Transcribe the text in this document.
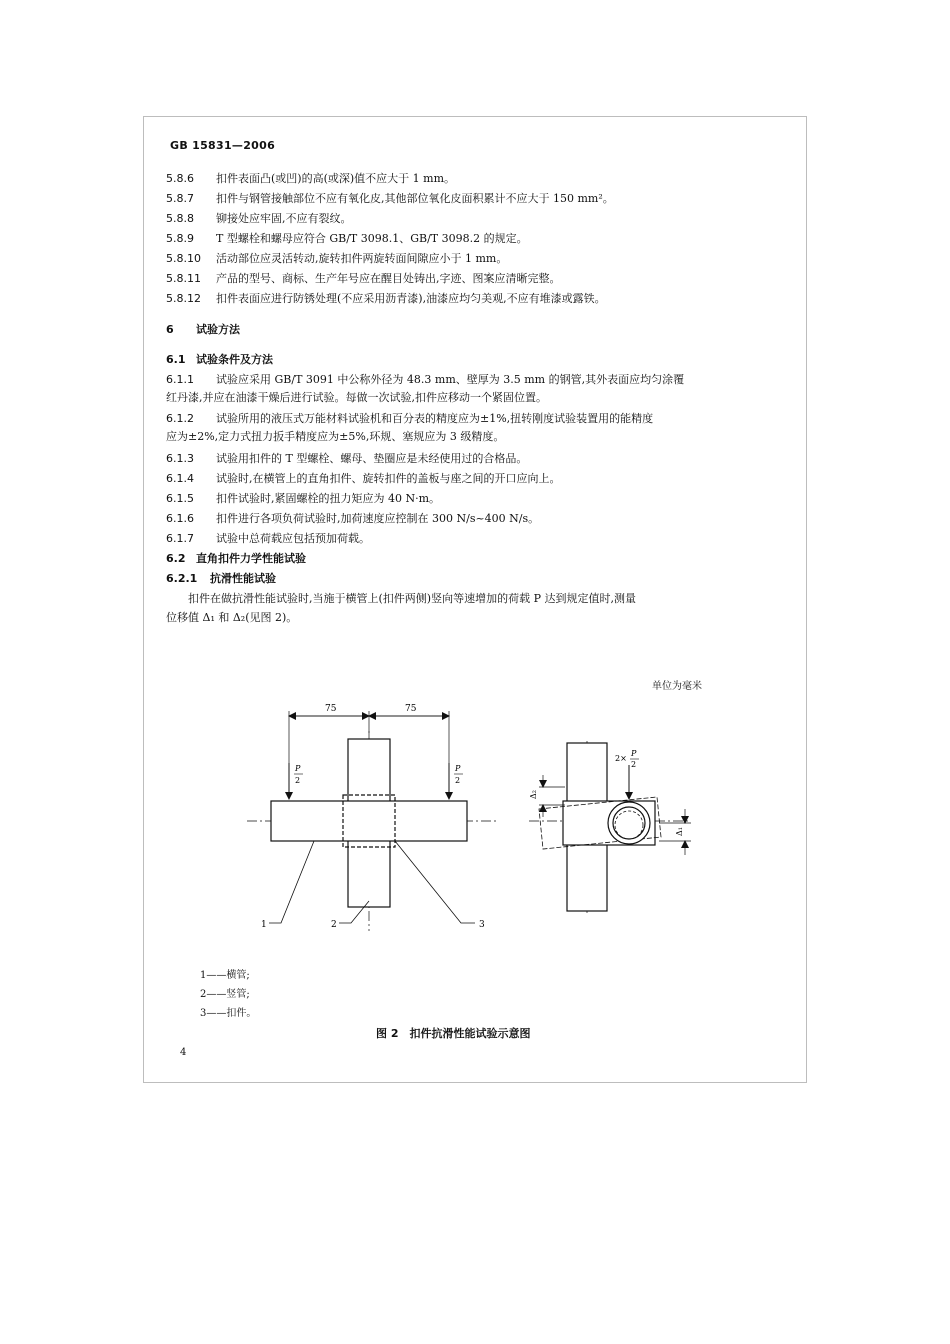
GB 15831—2006
5.8.6 扣件表面凸(或凹)的高(或深)值不应大于 1 mm。
5.8.7 扣件与钢管接触部位不应有氧化皮,其他部位氧化皮面积累计不应大于 150 mm²。
5.8.8 铆接处应牢固,不应有裂纹。
5.8.9 T 型螺栓和螺母应符合 GB/T 3098.1、GB/T 3098.2 的规定。
5.8.10 活动部位应灵活转动,旋转扣件两旋转面间隙应小于 1 mm。
5.8.11 产品的型号、商标、生产年号应在醒目处铸出,字迹、图案应清晰完整。
5.8.12 扣件表面应进行防锈处理(不应采用沥青漆),油漆应均匀美观,不应有堆漆或露铁。
6 试验方法
6.1 试验条件及方法
6.1.1 试验应采用 GB/T 3091 中公称外径为 48.3 mm、壁厚为 3.5 mm 的钢管,其外表面应均匀涂覆
红丹漆,并应在油漆干燥后进行试验。每做一次试验,扣件应移动一个紧固位置。
6.1.2 试验所用的液压式万能材料试验机和百分表的精度应为±1%,扭转刚度试验装置用的能精度
应为±2%,定力式扭力扳手精度应为±5%,环规、塞规应为 3 级精度。
6.1.3 试验用扣件的 T 型螺栓、螺母、垫圈应是未经使用过的合格品。
6.1.4 试验时,在横管上的直角扣件、旋转扣件的盖板与座之间的开口应向上。
6.1.5 扣件试验时,紧固螺栓的扭力矩应为 40 N·m。
6.1.6 扣件进行各项负荷试验时,加荷速度应控制在 300 N/s~400 N/s。
6.1.7 试验中总荷载应包括预加荷载。
6.2 直角扣件力学性能试验
6.2.1 抗滑性能试验
扣件在做抗滑性能试验时,当施于横管上(扣件两侧)竖向等速增加的荷载 P 达到规定值时,测量
位移值 Δ₁ 和 Δ₂(见图 2)。
单位为毫米
75	75
P
2
P
2
1	2	3
2×
P
2
Δ₂
Δ₁
1——横管;
2——竖管;
3——扣件。
图 2　扣件抗滑性能试验示意图
4
